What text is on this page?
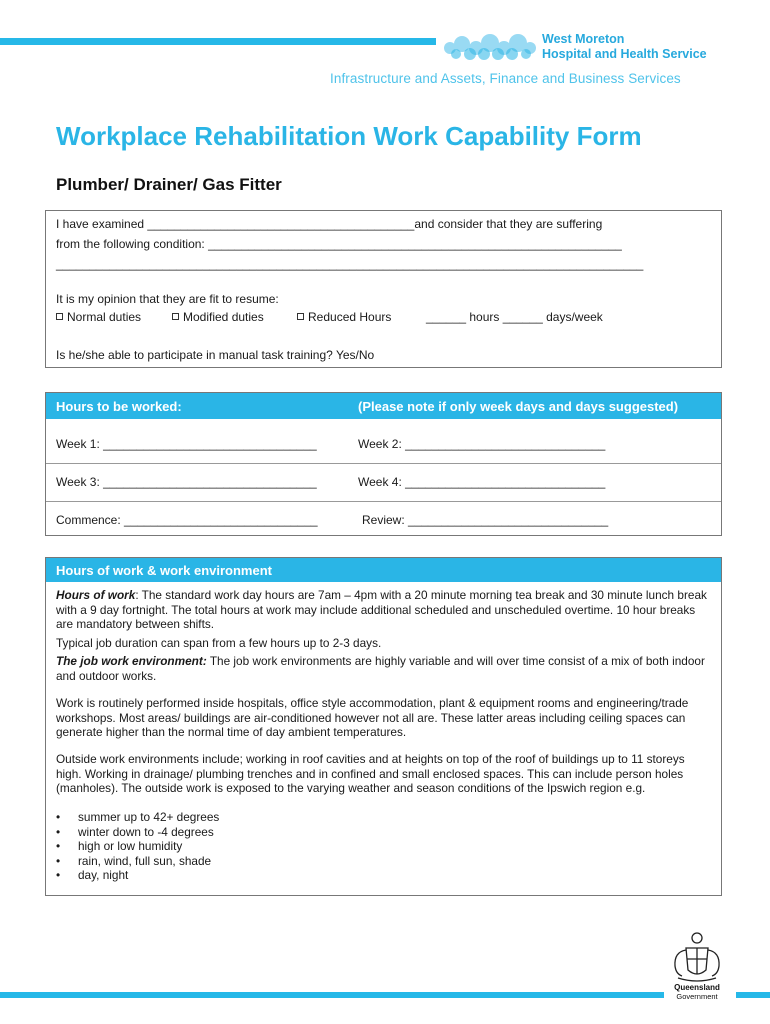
West Moreton
Hospital and Health Service
Infrastructure and Assets, Finance and Business Services
Workplace Rehabilitation Work Capability Form
Plumber/ Drainer/ Gas Fitter
I have examined ________________________________________and consider that they are suffering
from the following condition: ______________________________________________________________
________________________________________________________________________________________
It is my opinion that they are fit to resume:
Normal duties	Modified duties	Reduced Hours	______ hours ______ days/week
Is he/she able to participate in manual task training? Yes/No
Hours to be worked:	(Please note if only week days and days suggested)
Week 1: ________________________________	Week 2: ______________________________
Week 3: ________________________________	Week 4: ______________________________
Commence: _____________________________	Review: ______________________________
Hours of work & work environment
Hours of work: The standard work day hours are 7am – 4pm with a 20 minute morning tea break and 30 minute lunch break with a 9 day fortnight. The total hours at work may include additional scheduled and unscheduled overtime. 10 hour breaks are mandatory between shifts.
Typical job duration can span from a few hours up to 2-3 days.
The job work environment: The job work environments are highly variable and will over time consist of a mix of both indoor and outdoor works.
Work is routinely performed inside hospitals, office style accommodation, plant & equipment rooms and engineering/trade workshops. Most areas/ buildings are air-conditioned however not all are. These latter areas including ceiling spaces can generate higher than the normal time of day ambient temperatures.
Outside work environments include; working in roof cavities and at heights on top of the roof of buildings up to 11 storeys high. Working in drainage/ plumbing trenches and in confined and small enclosed spaces. This can include person holes (manholes). The outside work is exposed to the varying weather and season conditions of the Ipswich region e.g.
• summer up to 42+ degrees
• winter down to -4 degrees
• high or low humidity
• rain, wind, full sun, shade
• day, night
Queensland
Government
